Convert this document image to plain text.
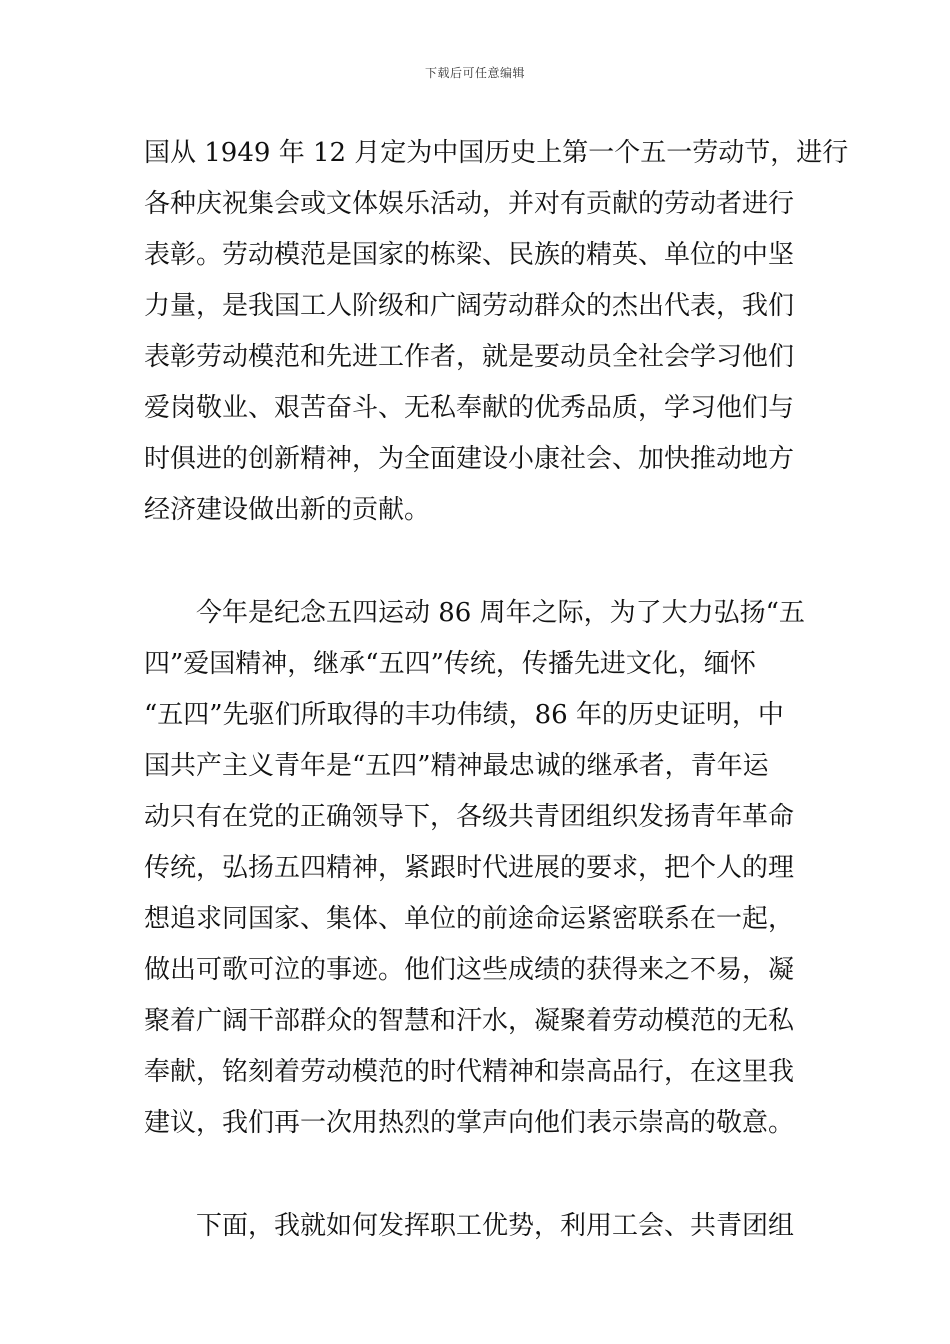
下载后可任意编辑
国从 1949 年 12 月定为中国历史上第一个五一劳动节，进行
各种庆祝集会或文体娱乐活动，并对有贡献的劳动者进行
表彰。劳动模范是国家的栋梁、民族的精英、单位的中坚
力量，是我国工人阶级和广阔劳动群众的杰出代表，我们
表彰劳动模范和先进工作者，就是要动员全社会学习他们
爱岗敬业、艰苦奋斗、无私奉献的优秀品质，学习他们与
时俱进的创新精神，为全面建设小康社会、加快推动地方
经济建设做出新的贡献。
今年是纪念五四运动 86 周年之际，为了大力弘扬“五
四”爱国精神，继承“五四”传统，传播先进文化，缅怀
“五四”先驱们所取得的丰功伟绩，86 年的历史证明，中
国共产主义青年是“五四”精神最忠诚的继承者，青年运
动只有在党的正确领导下，各级共青团组织发扬青年革命
传统，弘扬五四精神，紧跟时代进展的要求，把个人的理
想追求同国家、集体、单位的前途命运紧密联系在一起，
做出可歌可泣的事迹。他们这些成绩的获得来之不易，凝
聚着广阔干部群众的智慧和汗水，凝聚着劳动模范的无私
奉献，铭刻着劳动模范的时代精神和崇高品行，在这里我
建议，我们再一次用热烈的掌声向他们表示崇高的敬意。
下面，我就如何发挥职工优势，利用工会、共青团组
